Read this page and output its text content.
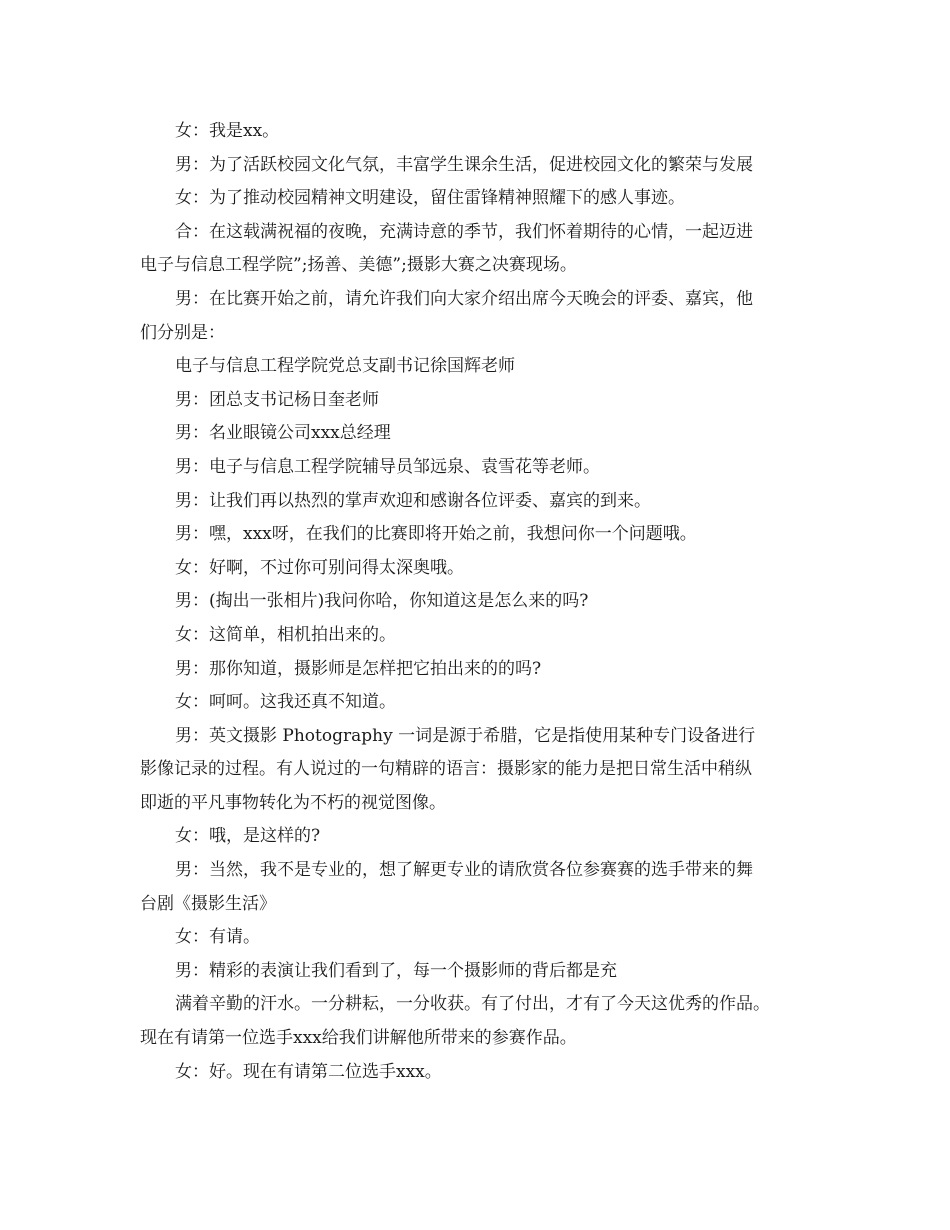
女：我是xx。
男：为了活跃校园文化气氛，丰富学生课余生活，促进校园文化的繁荣与发展
女：为了推动校园精神文明建设，留住雷锋精神照耀下的感人事迹。
合：在这载满祝福的夜晚，充满诗意的季节，我们怀着期待的心情，一起迈进
电子与信息工程学院”;扬善、美德”;摄影大赛之决赛现场。
男：在比赛开始之前，请允许我们向大家介绍出席今天晚会的评委、嘉宾，他
们分别是：
电子与信息工程学院党总支副书记徐国辉老师
男：团总支书记杨日奎老师
男：名业眼镜公司xxx总经理
男：电子与信息工程学院辅导员邹远泉、袁雪花等老师。
男：让我们再以热烈的掌声欢迎和感谢各位评委、嘉宾的到来。
男：嘿，xxx呀，在我们的比赛即将开始之前，我想问你一个问题哦。
女：好啊，不过你可别问得太深奥哦。
男：(掏出一张相片)我问你哈，你知道这是怎么来的吗?
女：这简单，相机拍出来的。
男：那你知道，摄影师是怎样把它拍出来的的吗?
女：呵呵。这我还真不知道。
男：英文摄影 Photography 一词是源于希腊，它是指使用某种专门设备进行
影像记录的过程。有人说过的一句精辟的语言：摄影家的能力是把日常生活中稍纵
即逝的平凡事物转化为不朽的视觉图像。
女：哦，是这样的?
男：当然，我不是专业的，想了解更专业的请欣赏各位参赛赛的选手带来的舞
台剧《摄影生活》
女：有请。
男：精彩的表演让我们看到了，每一个摄影师的背后都是充
满着辛勤的汗水。一分耕耘，一分收获。有了付出，才有了今天这优秀的作品。
现在有请第一位选手xxx给我们讲解他所带来的参赛作品。
女：好。现在有请第二位选手xxx。
